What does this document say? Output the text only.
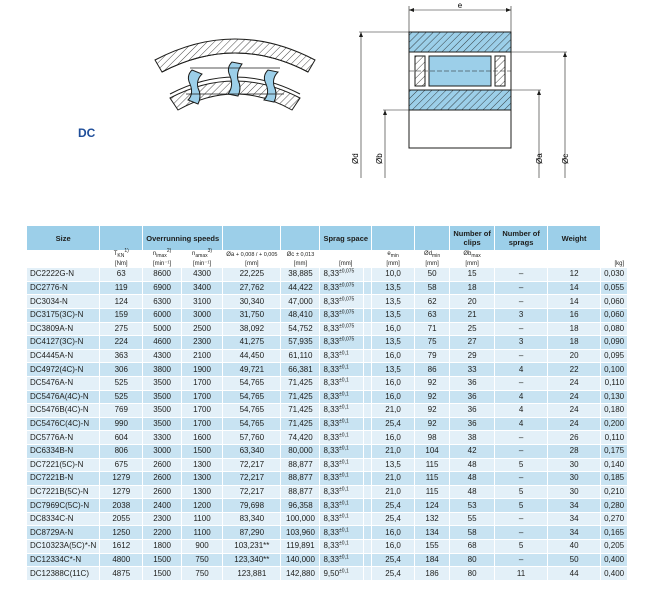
DC
e
Ød Øb	Øa Øc
Size		Overrunning speeds				Sprag space				Number of clips	Number of sprags	Weight	
	$T_{KN}^{1)}$	$n_{imax}^{2)}$	$n_{amax}^{3)}$	Øa + 0,008 / + 0,005	Øc ± 0,013			$e_{min}$	$Ød_{min}$	$Øb_{max}$		
	[Nm]	[min⁻¹]	[min⁻¹]	[mm]	[mm]	[mm]		[mm]	[mm]	[mm]			[kg]
DC2222G-N	63	8600	4300	22,225	38,885	$8,33^{\pm 0,075}$		10,0	50	15	–	12	0,030
DC2776-N	119	6900	3400	27,762	44,422	$8,33^{\pm 0,075}$		13,5	58	18	–	14	0,055
DC3034-N	124	6300	3100	30,340	47,000	$8,33^{\pm 0,075}$		13,5	62	20	–	14	0,060
DC3175(3C)-N	159	6000	3000	31,750	48,410	$8,33^{\pm 0,075}$		13,5	63	21	3	16	0,060
DC3809A-N	275	5000	2500	38,092	54,752	$8,33^{\pm 0,075}$		16,0	71	25	–	18	0,080
DC4127(3C)-N	224	4600	2300	41,275	57,935	$8,33^{\pm 0,075}$		13,5	75	27	3	18	0,090
DC4445A-N	363	4300	2100	44,450	61,110	$8,33^{\pm 0,1}$		16,0	79	29	–	20	0,095
DC4972(4C)-N	306	3800	1900	49,721	66,381	$8,33^{\pm 0,1}$		13,5	86	33	4	22	0,100
DC5476A-N	525	3500	1700	54,765	71,425	$8,33^{\pm 0,1}$		16,0	92	36	–	24	0,110
DC5476A(4C)-N	525	3500	1700	54,765	71,425	$8,33^{\pm 0,1}$		16,0	92	36	4	24	0,130
DC5476B(4C)-N	769	3500	1700	54,765	71,425	$8,33^{\pm 0,1}$		21,0	92	36	4	24	0,180
DC5476C(4C)-N	990	3500	1700	54,765	71,425	$8,33^{\pm 0,1}$		25,4	92	36	4	24	0,200
DC5776A-N	604	3300	1600	57,760	74,420	$8,33^{\pm 0,1}$		16,0	98	38	–	26	0,110
DC6334B-N	806	3000	1500	63,340	80,000	$8,33^{\pm 0,1}$		21,0	104	42	–	28	0,175
DC7221(5C)-N	675	2600	1300	72,217	88,877	$8,33^{\pm 0,1}$		13,5	115	48	5	30	0,140
DC7221B-N	1279	2600	1300	72,217	88,877	$8,33^{\pm 0,1}$		21,0	115	48	–	30	0,185
DC7221B(5C)-N	1279	2600	1300	72,217	88,877	$8,33^{\pm 0,1}$		21,0	115	48	5	30	0,210
DC7969C(5C)-N	2038	2400	1200	79,698	96,358	$8,33^{\pm 0,1}$		25,4	124	53	5	34	0,280
DC8334C-N	2055	2300	1100	83,340	100,000	$8,33^{\pm 0,1}$		25,4	132	55	–	34	0,270
DC8729A-N	1250	2200	1100	87,290	103,960	$8,33^{\pm 0,1}$		16,0	134	58	–	34	0,165
DC10323A(5C)*-N	1612	1800	900	103,231**	119,891	$8,33^{\pm 0,1}$		16,0	155	68	5	40	0,205
DC12334C*-N	4800	1500	750	123,340**	140,000	$8,33^{\pm 0,1}$		25,4	184	80	–	50	0,400
DC12388C(11C)	4875	1500	750	123,881	142,880	$9,50^{\pm 0,1}$		25,4	186	80	11	44	0,400
